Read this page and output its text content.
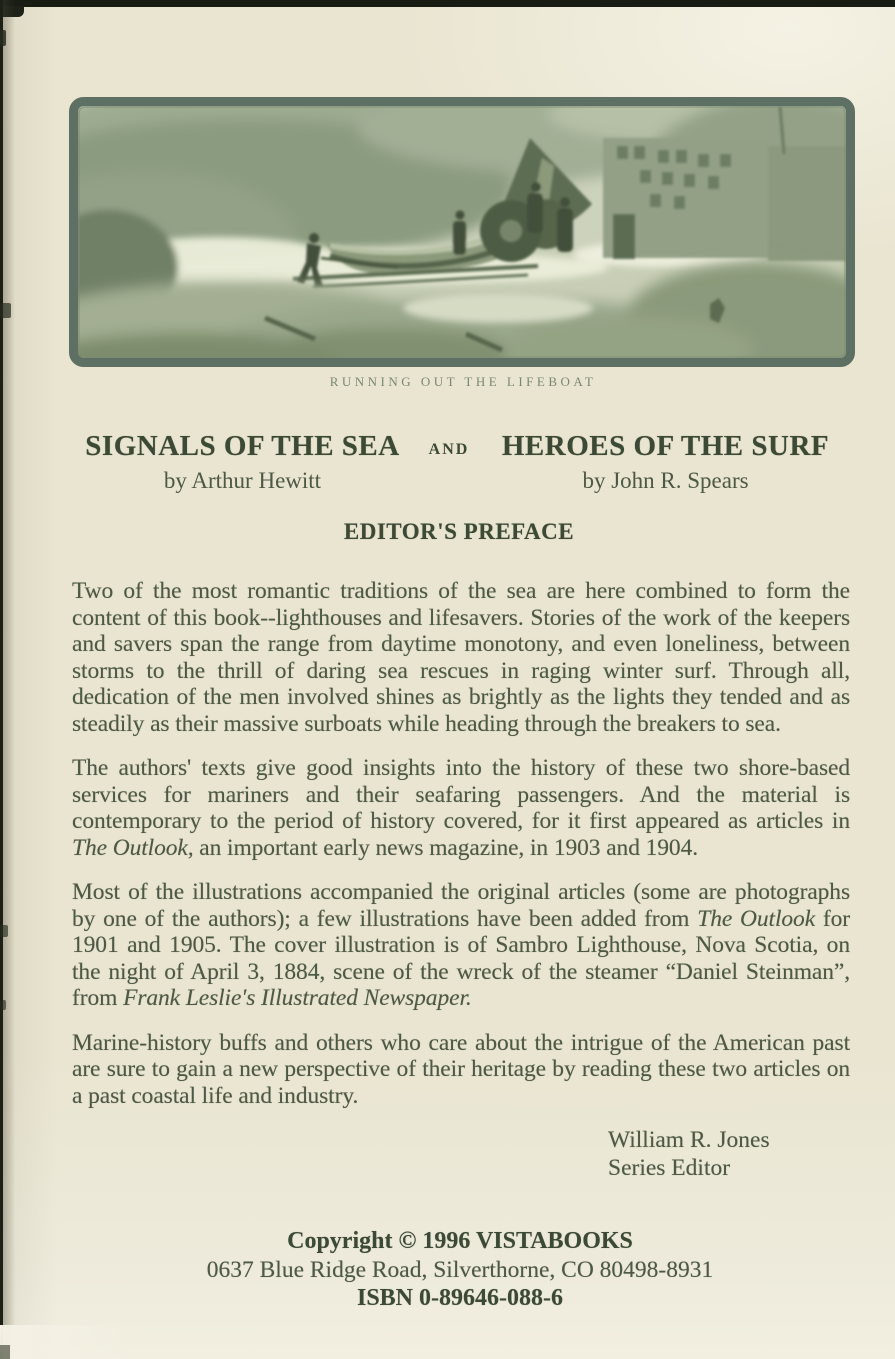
RUNNING OUT THE LIFEBOAT
SIGNALS OF THE SEA
by Arthur Hewitt
AND	HEROES OF THE SURF
by John R. Spears
EDITOR'S PREFACE

Two of the most romantic traditions of the sea are here combined to form the content of this book--lighthouses and lifesavers. Stories of the work of the keepers and savers span the range from daytime monotony, and even loneliness, between storms to the thrill of daring sea rescues in raging winter surf. Through all, dedication of the men involved shines as brightly as the lights they tended and as steadily as their massive surboats while heading through the breakers to sea.

The authors' texts give good insights into the history of these two shore-based services for mariners and their seafaring passengers. And the material is contemporary to the period of history covered, for it first appeared as articles in The Outlook, an important early news magazine, in 1903 and 1904.

Most of the illustrations accompanied the original articles (some are photographs by one of the authors); a few illustrations have been added from The Outlook for 1901 and 1905. The cover illustration is of Sambro Lighthouse, Nova Scotia, on the night of April 3, 1884, scene of the wreck of the steamer “Daniel Steinman”, from Frank Leslie's Illustrated Newspaper.

Marine-history buffs and others who care about the intrigue of the American past are sure to gain a new perspective of their heritage by reading these two articles on a past coastal life and industry.

William R. Jones
Series Editor
Copyright © 1996 VISTABOOKS
0637 Blue Ridge Road, Silverthorne, CO 80498-8931
ISBN 0-89646-088-6
